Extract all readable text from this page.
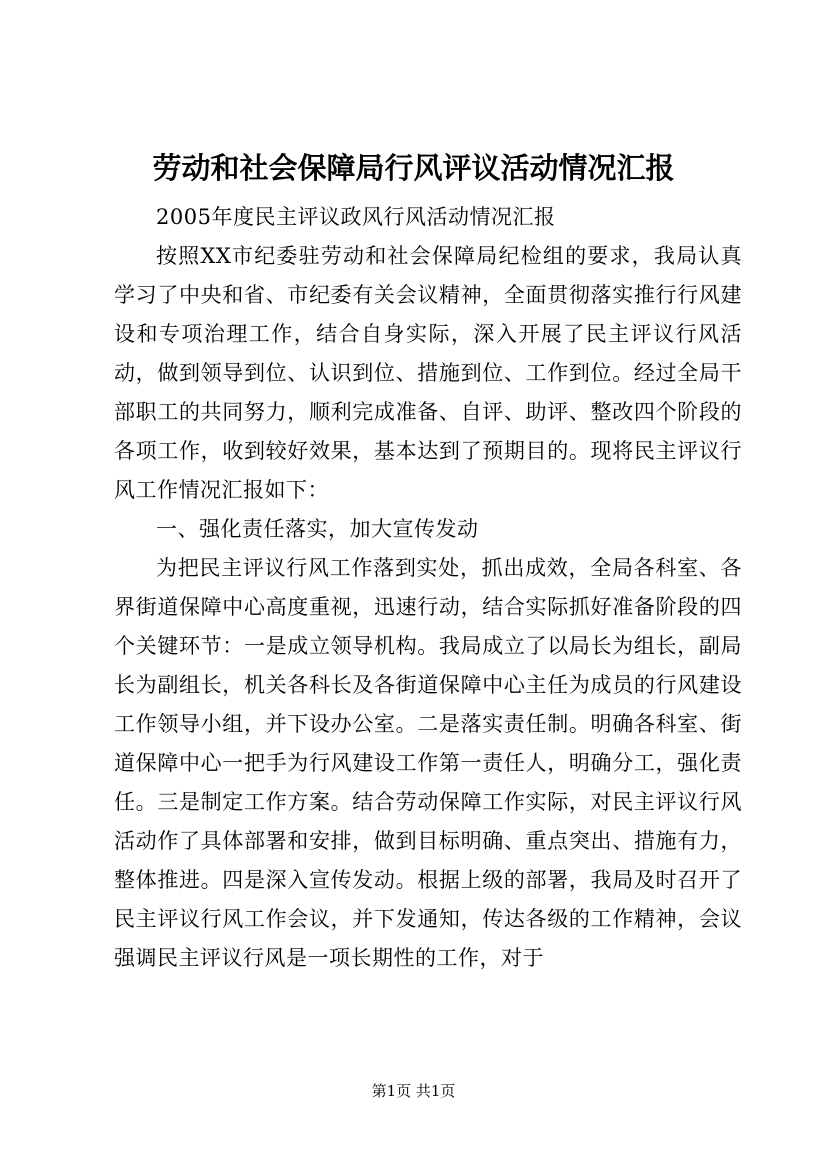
劳动和社会保障局行风评议活动情况汇报

2005年度民主评议政风行风活动情况汇报

按照XX市纪委驻劳动和社会保障局纪检组的要求，我局认真学习了中央和省、市纪委有关会议精神，全面贯彻落实推行行风建设和专项治理工作，结合自身实际，深入开展了民主评议行风活动，做到领导到位、认识到位、措施到位、工作到位。经过全局干部职工的共同努力，顺利完成准备、自评、助评、整改四个阶段的各项工作，收到较好效果，基本达到了预期目的。现将民主评议行风工作情况汇报如下：

一、强化责任落实，加大宣传发动

为把民主评议行风工作落到实处，抓出成效，全局各科室、各界街道保障中心高度重视，迅速行动，结合实际抓好准备阶段的四个关键环节：一是成立领导机构。我局成立了以局长为组长，副局长为副组长，机关各科长及各街道保障中心主任为成员的行风建设工作领导小组，并下设办公室。二是落实责任制。明确各科室、街道保障中心一把手为行风建设工作第一责任人，明确分工，强化责任。三是制定工作方案。结合劳动保障工作实际，对民主评议行风活动作了具体部署和安排，做到目标明确、重点突出、措施有力，整体推进。四是深入宣传发动。根据上级的部署，我局及时召开了民主评议行风工作会议，并下发通知，传达各级的工作精神，会议强调民主评议行风是一项长期性的工作，对于

第1页 共1页
